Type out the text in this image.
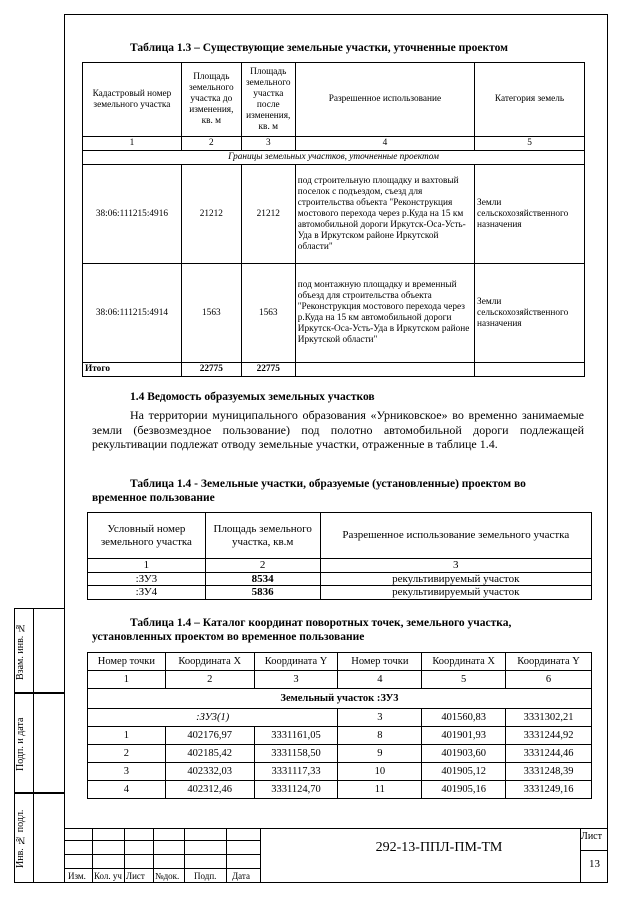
Взам. инв. №
Подп. и дата
Инв. № подл.
Таблица 1.3 – Существующие земельные участки, уточненные проектом
Кадастровый номер земельного участка	Площадь земельного участка до изменения, кв. м	Площадь земельного участка после изменения, кв. м	Разрешенное использование	Категория земель
1	2	3	4	5
Границы земельных участков, уточненные проектом				
38:06:111215:4916	21212	21212	под строительную площадку и вахтовый поселок с подъездом, съезд для строительства объекта "Реконструкция мостового перехода через р.Куда на 15 км автомобильной дороги Иркутск-Оса-Усть-Уда в Иркутском районе Иркутской области"	Земли сельскохозяйственного назначения
38:06:111215:4914	1563	1563	под монтажную площадку и временный объезд для строительства объекта "Реконструкция мостового перехода через р.Куда на 15 км автомобильной дороги Иркутск-Оса-Усть-Уда в Иркутском районе Иркутской области"	Земли сельскохозяйственного назначения
Итого	22775	22775		
1.4 Ведомость образуемых земельных участков
На территории муниципального образования «Урниковское» во временно занимаемые земли (безвозмездное пользование) под полотно автомобильной дороги подлежащей рекультивации подлежат отводу земельные участки, отраженные в таблице 1.4.
Таблица 1.4 - Земельные участки, образуемые (установленные) проектом во
временное пользование
Условный номер земельного участка	Площадь земельного участка, кв.м	Разрешенное использование земельного участка
1	2	3
:ЗУ3	8534	рекультивируемый участок
:ЗУ4	5836	рекультивируемый участок
Таблица 1.4 – Каталог координат поворотных точек, земельного участка,
установленных проектом во временное пользование
Номер точки	Координата X	Координата Y	Номер точки	Координата X	Координата Y
1	2	3	4	5	6
Земельный участок :ЗУ3					
:ЗУ3(1)			3	401560,83	3331302,21
1	402176,97	3331161,05	8	401901,93	3331244,92
2	402185,42	3331158,50	9	401903,60	3331244,46
3	402332,03	3331117,33	10	401905,12	3331248,39
4	402312,46	3331124,70	11	401905,16	3331249,16
Изм. Кол. уч Лист №док. Подп. Дата
292-13-ППЛ-ПМ-ТМ
Лист
13
